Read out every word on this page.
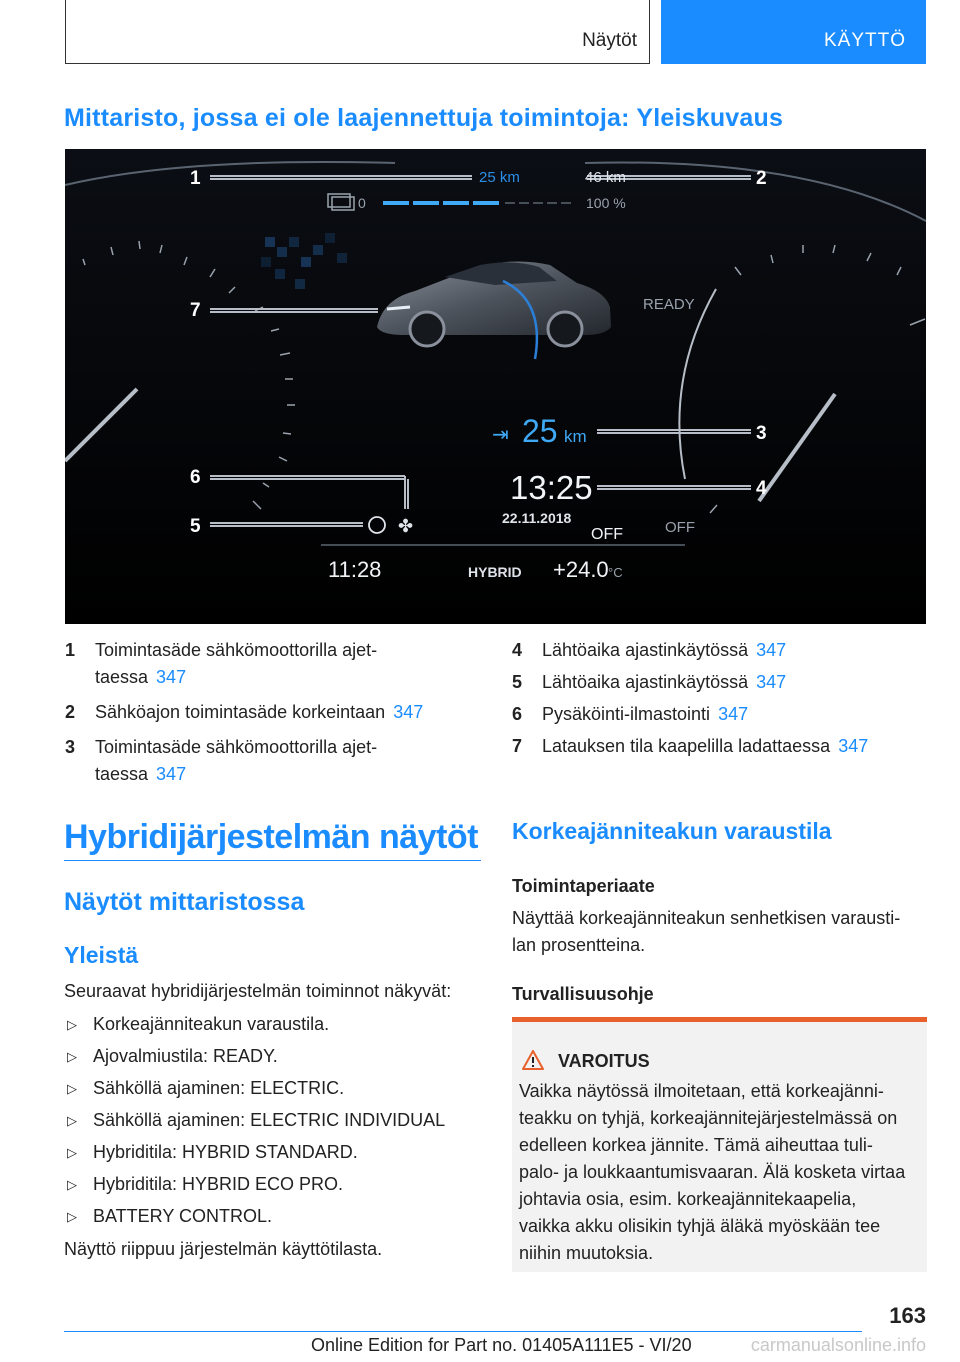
Näytöt	KÄYTTÖ
Mittaristo, jossa ei ole laajennettuja toimintoja: Yleiskuvaus
1	2
3
4
5
6
7
25 km	46 km
0	100 %
READY
⇥ 25 km
13:25
22.11.2018
OFF	OFF
✤
11:28	HYBRID +24.0 °C
1 Toimintasäde sähkömoottorilla ajet-
taessa 347
2 Sähköajon toimintasäde korkeintaan 347
3 Toimintasäde sähkömoottorilla ajet-
taessa 347
4 Lähtöaika ajastinkäytössä 347
5 Lähtöaika ajastinkäytössä 347
6 Pysäköinti-ilmastointi 347
7 Latauksen tila kaapelilla ladattaessa 347
Hybridijärjestelmän näytöt
Näytöt mittaristossa
Yleistä
Seuraavat hybridijärjestelmän toiminnot näkyvät:
▷ Korkeajänniteakun varaustila.
▷ Ajovalmiustila: READY.
▷ Sähköllä ajaminen: ELECTRIC.
▷ Sähköllä ajaminen: ELECTRIC INDIVIDUAL
▷ Hybriditila: HYBRID STANDARD.
▷ Hybriditila: HYBRID ECO PRO.
▷ BATTERY CONTROL.
Näyttö riippuu järjestelmän käyttötilasta.
Korkeajänniteakun varaustila
Toimintaperiaate
Näyttää korkeajänniteakun senhetkisen varausti-
lan prosentteina.
Turvallisuusohje
VAROITUS
Vaikka näytössä ilmoitetaan, että korkeajänni-
teakku on tyhjä, korkeajännitejärjestelmässä on
edelleen korkea jännite. Tämä aiheuttaa tuli-
palo- ja loukkaantumisvaaran. Älä kosketa virtaa
johtavia osia, esim. korkeajännitekaapelia,
vaikka akku olisikin tyhjä äläkä myöskään tee
niihin muutoksia.
163
Online Edition for Part no. 01405A111E5 - VI/20	carmanualsonline.info
